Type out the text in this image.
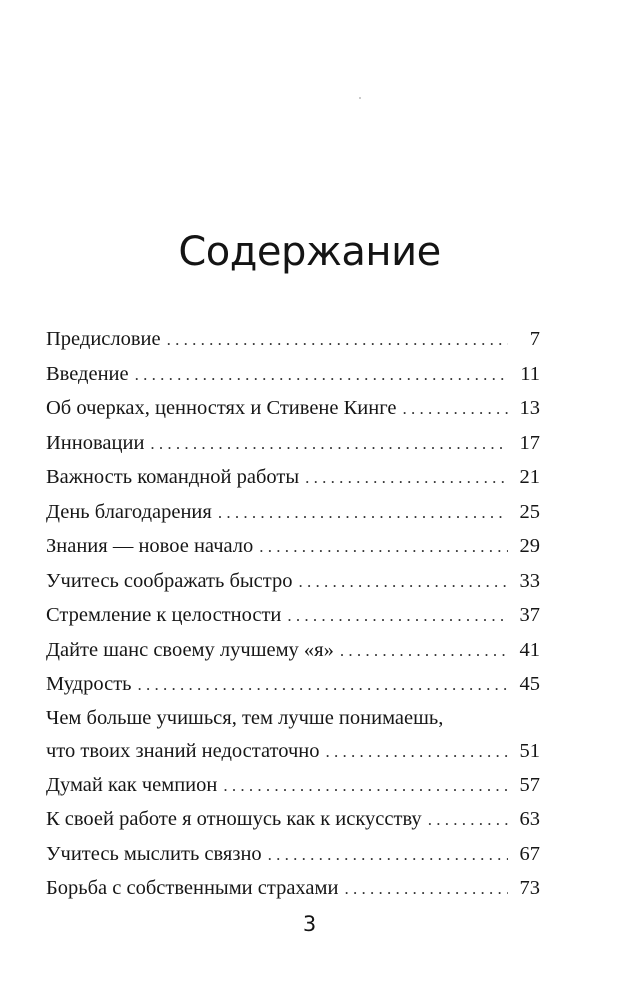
Содержание
Предисловие . . .	7
Введение . . .	11
Об очерках, ценностях и Стивене Кинге . . .	13
Инновации . . .	17
Важность командной работы . . .	21
День благодарения . . .	25
Знания — новое начало . . .	29
Учитесь соображать быстро . . .	33
Стремление к целостности . . .	37
Дайте шанс своему лучшему «я» . . .	41
Мудрость . . .	45
Чем больше учишься, тем лучше понимаешь,
что твоих знаний недостаточно . . .	51
Думай как чемпион . . .	57
К своей работе я отношусь как к искусству . . .	63
Учитесь мыслить связно . . .	67
Борьба с собственными страхами . . .	73
3
